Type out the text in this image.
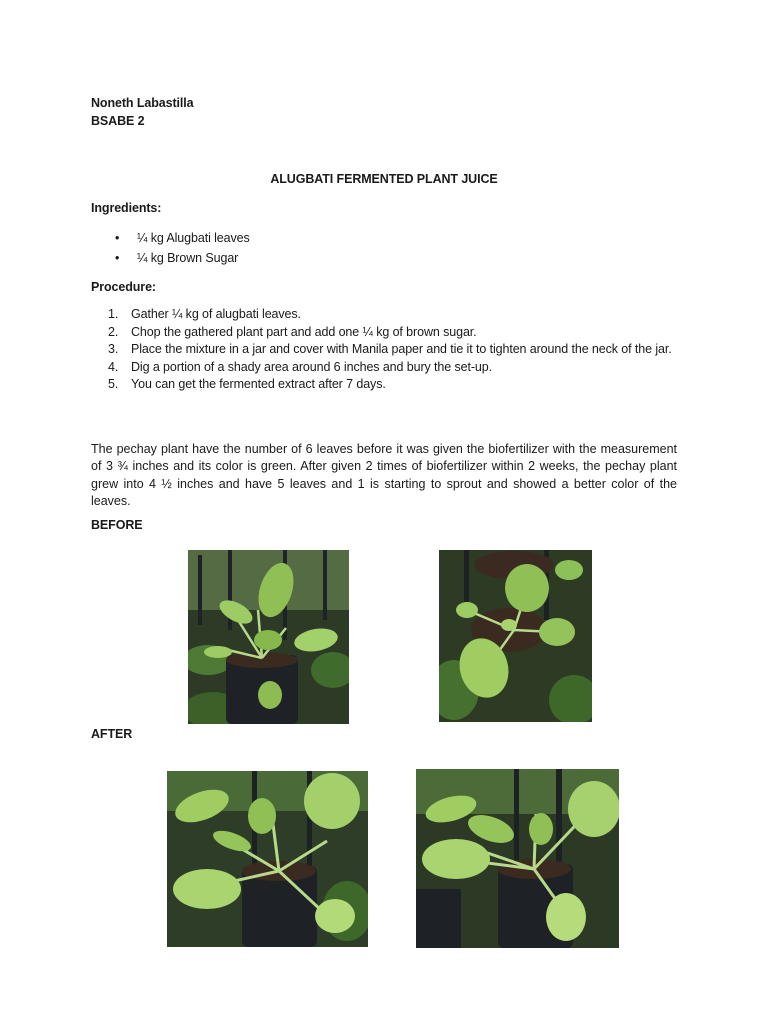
Noneth Labastilla
BSABE 2
ALUGBATI FERMENTED PLANT JUICE
Ingredients:
• ¼ kg Alugbati leaves
• ¼ kg Brown Sugar
Procedure:
1. Gather ¼ kg of alugbati leaves.
2. Chop the gathered plant part and add one ¼ kg of brown sugar.
3. Place the mixture in a jar and cover with Manila paper and tie it to tighten around the neck of the jar.
4. Dig a portion of a shady area around 6 inches and bury the set-up.
5. You can get the fermented extract after 7 days.

The pechay plant have the number of 6 leaves before it was given the biofertilizer with the measurement of 3 ¾ inches and its color is green. After given 2 times of biofertilizer within 2 weeks, the pechay plant grew into 4 ½ inches and have 5 leaves and 1 is starting to sprout and showed a better color of the leaves.

BEFORE
AFTER
